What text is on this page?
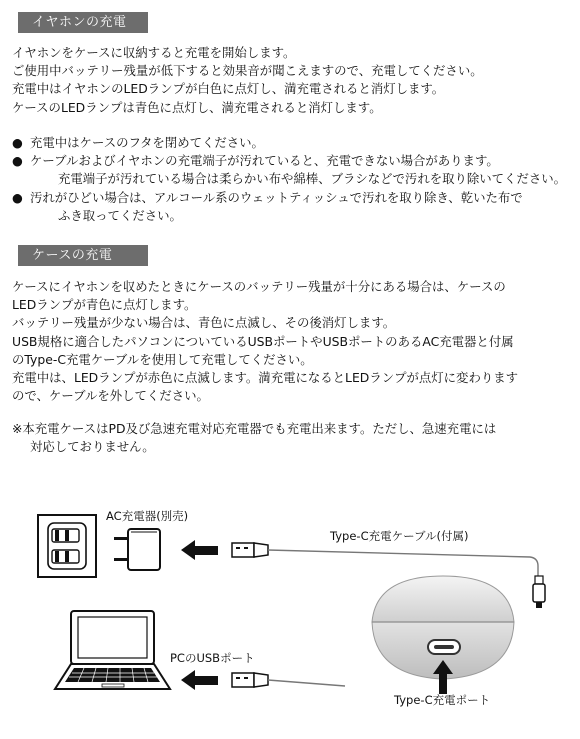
イヤホンの充電

イヤホンをケースに収納すると充電を開始します。

ご使用中バッテリー残量が低下すると効果音が聞こえますので、充電してください。

充電中はイヤホンのLEDランプが白色に点灯し、満充電されると消灯します。

ケースのLEDランプは青色に点灯し、満充電されると消灯します。

● 充電中はケースのフタを閉めてください。
● ケーブルおよびイヤホンの充電端子が汚れていると、充電できない場合があります。
充電端子が汚れている場合は柔らかい布や綿棒、ブラシなどで汚れを取り除いてください。
● 汚れがひどい場合は、アルコール系のウェットティッシュで汚れを取り除き、乾いた布で
ふき取ってください。
ケースの充電

ケースにイヤホンを収めたときにケースのバッテリー残量が十分にある場合は、ケースの

LEDランプが青色に点灯します。

バッテリー残量が少ない場合は、青色に点滅し、その後消灯します。

USB規格に適合したパソコンについているUSBポートやUSBポートのあるAC充電器と付属

のType-C充電ケーブルを使用して充電してください。

充電中は、LEDランプが赤色に点滅します。満充電になるとLEDランプが点灯に変わります

ので、ケーブルを外してください。

※本充電ケースはPD及び急速充電対応充電器でも充電出来ます。ただし、急速充電には
対応しておりません。
AC充電器(別売)
Type-C充電ケーブル(付属)
PCのUSBポート
Type-C充電ポート
